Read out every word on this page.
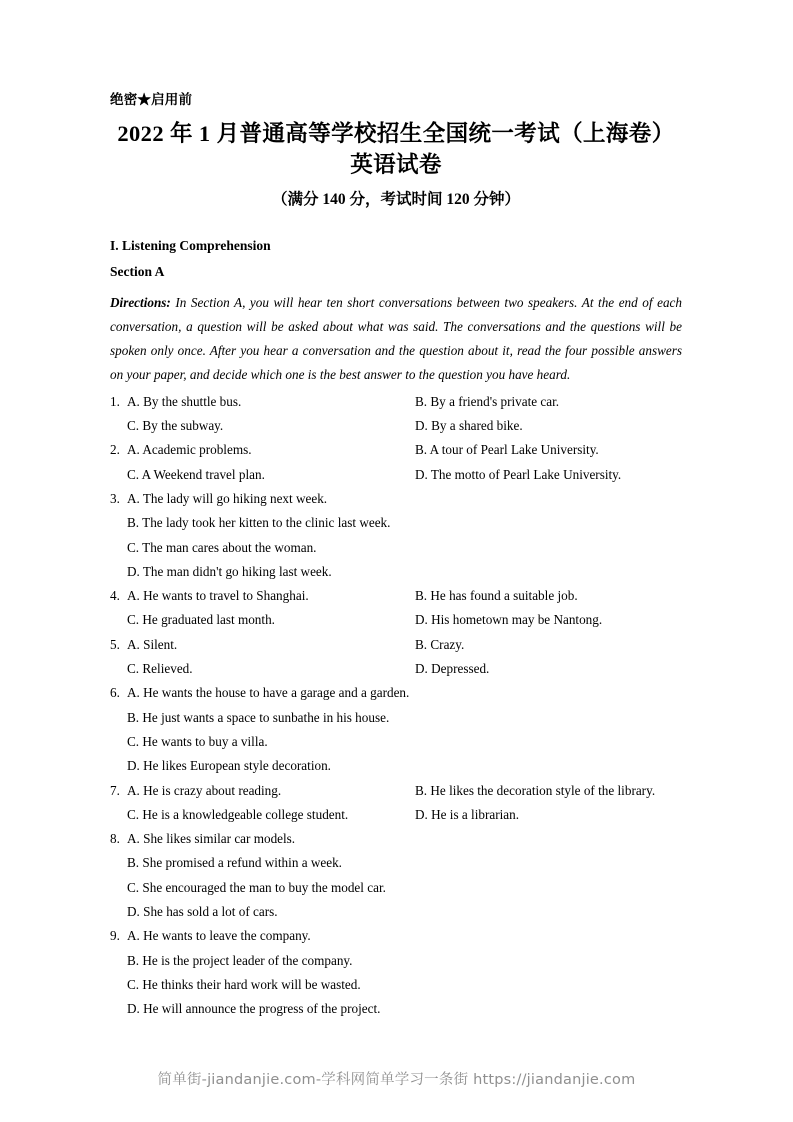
绝密★启用前
2022 年 1 月普通高等学校招生全国统一考试（上海卷）
英语试卷
（满分 140 分，考试时间 120 分钟）
I. Listening Comprehension
Section A
Directions: In Section A, you will hear ten short conversations between two speakers. At the end of each conversation, a question will be asked about what was said. The conversations and the questions will be spoken only once. After you hear a conversation and the question about it, read the four possible answers on your paper, and decide which one is the best answer to the question you have heard.
1. A. By the shuttle bus.	B. By a friend's private car.
C. By the subway.	D. By a shared bike.
2. A. Academic problems.	B. A tour of Pearl Lake University.
C. A Weekend travel plan.	D. The motto of Pearl Lake University.
3. A. The lady will go hiking next week.
B. The lady took her kitten to the clinic last week.
C. The man cares about the woman.
D. The man didn't go hiking last week.
4. A. He wants to travel to Shanghai.	B. He has found a suitable job.
C. He graduated last month.	D. His hometown may be Nantong.
5. A. Silent.	B. Crazy.
C. Relieved.	D. Depressed.
6. A. He wants the house to have a garage and a garden.
B. He just wants a space to sunbathe in his house.
C. He wants to buy a villa.
D. He likes European style decoration.
7. A. He is crazy about reading.	B. He likes the decoration style of the library.
C. He is a knowledgeable college student.	D. He is a librarian.
8. A. She likes similar car models.
B. She promised a refund within a week.
C. She encouraged the man to buy the model car.
D. She has sold a lot of cars.
9. A. He wants to leave the company.
B. He is the project leader of the company.
C. He thinks their hard work will be wasted.
D. He will announce the progress of the project.
简单街-jiandanjie.com-学科网简单学习一条街 https://jiandanjie.com
